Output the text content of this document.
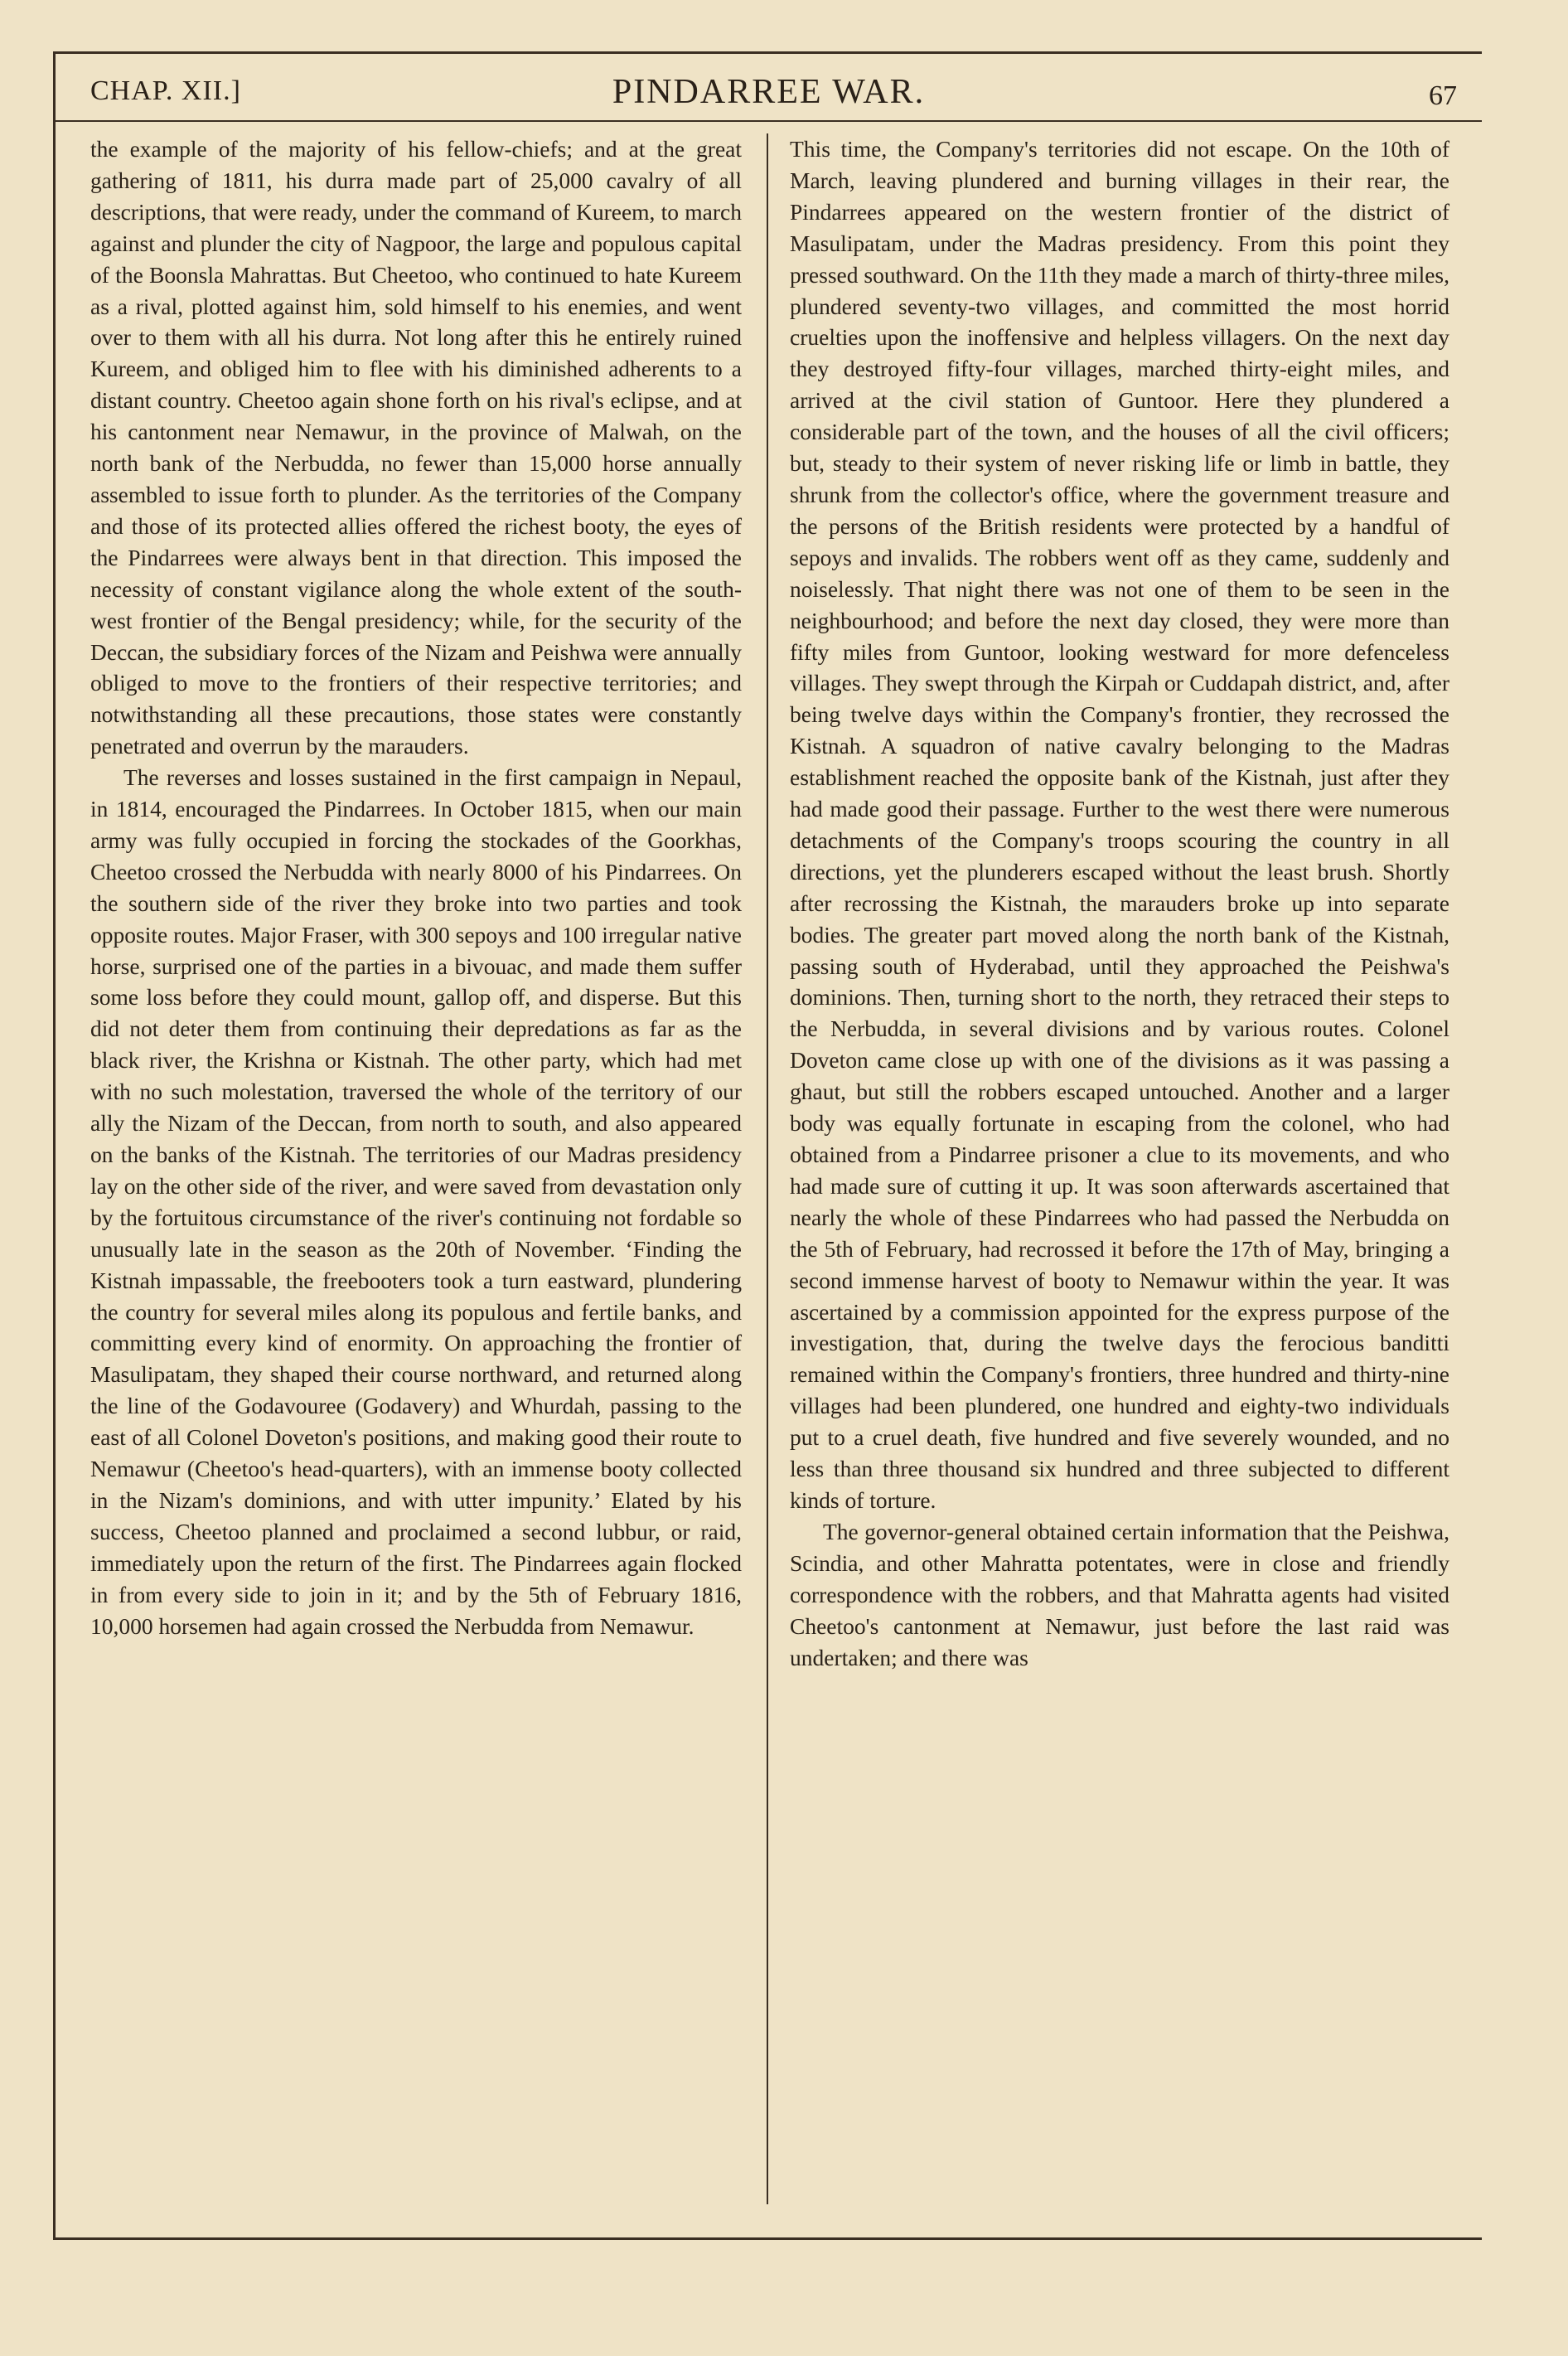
CHAP. XII.]	PINDARREE WAR.	67

the example of the majority of his fellow-chiefs; and at the great gathering of 1811, his durra made part of 25,000 cavalry of all descriptions, that were ready, under the command of Kureem, to march against and plunder the city of Nagpoor, the large and populous capital of the Boonsla Mahrattas. But Cheetoo, who continued to hate Kureem as a rival, plotted against him, sold himself to his enemies, and went over to them with all his durra. Not long after this he entirely ruined Kureem, and obliged him to flee with his diminished adherents to a distant country. Cheetoo again shone forth on his rival's eclipse, and at his cantonment near Nemawur, in the province of Malwah, on the north bank of the Nerbudda, no fewer than 15,000 horse annually assembled to issue forth to plunder. As the territories of the Company and those of its protected allies offered the richest booty, the eyes of the Pindarrees were always bent in that direction. This imposed the necessity of constant vigilance along the whole extent of the south-west frontier of the Bengal presidency; while, for the security of the Deccan, the subsidiary forces of the Nizam and Peishwa were annually obliged to move to the frontiers of their respective territories; and notwithstanding all these precautions, those states were constantly penetrated and overrun by the marauders.

The reverses and losses sustained in the first campaign in Nepaul, in 1814, encouraged the Pindarrees. In October 1815, when our main army was fully occupied in forcing the stockades of the Goorkhas, Cheetoo crossed the Nerbudda with nearly 8000 of his Pindarrees. On the southern side of the river they broke into two parties and took opposite routes. Major Fraser, with 300 sepoys and 100 irregular native horse, surprised one of the parties in a bivouac, and made them suffer some loss before they could mount, gallop off, and disperse. But this did not deter them from continuing their depredations as far as the black river, the Krishna or Kistnah. The other party, which had met with no such molestation, traversed the whole of the territory of our ally the Nizam of the Deccan, from north to south, and also appeared on the banks of the Kistnah. The territories of our Madras presidency lay on the other side of the river, and were saved from devastation only by the fortuitous circumstance of the river's continuing not fordable so unusually late in the season as the 20th of November. ‘Finding the Kistnah impassable, the freebooters took a turn eastward, plundering the country for several miles along its populous and fertile banks, and committing every kind of enormity. On approaching the frontier of Masulipatam, they shaped their course northward, and returned along the line of the Godavouree (Godavery) and Whurdah, passing to the east of all Colonel Doveton's positions, and making good their route to Nemawur (Cheetoo's head-quarters), with an immense booty collected in the Nizam's dominions, and with utter impunity.’ Elated by his success, Cheetoo planned and proclaimed a second lubbur, or raid, immediately upon the return of the first. The Pindarrees again flocked in from every side to join in it; and by the 5th of February 1816, 10,000 horsemen had again crossed the Nerbudda from Nemawur.

This time, the Company's territories did not escape. On the 10th of March, leaving plundered and burning villages in their rear, the Pindarrees appeared on the western frontier of the district of Masulipatam, under the Madras presidency. From this point they pressed southward. On the 11th they made a march of thirty-three miles, plundered seventy-two villages, and committed the most horrid cruelties upon the inoffensive and helpless villagers. On the next day they destroyed fifty-four villages, marched thirty-eight miles, and arrived at the civil station of Guntoor. Here they plundered a considerable part of the town, and the houses of all the civil officers; but, steady to their system of never risking life or limb in battle, they shrunk from the collector's office, where the government treasure and the persons of the British residents were protected by a handful of sepoys and invalids. The robbers went off as they came, suddenly and noiselessly. That night there was not one of them to be seen in the neighbourhood; and before the next day closed, they were more than fifty miles from Guntoor, looking westward for more defenceless villages. They swept through the Kirpah or Cuddapah district, and, after being twelve days within the Company's frontier, they recrossed the Kistnah. A squadron of native cavalry belonging to the Madras establishment reached the opposite bank of the Kistnah, just after they had made good their passage. Further to the west there were numerous detachments of the Company's troops scouring the country in all directions, yet the plunderers escaped without the least brush. Shortly after recrossing the Kistnah, the marauders broke up into separate bodies. The greater part moved along the north bank of the Kistnah, passing south of Hyderabad, until they approached the Peishwa's dominions. Then, turning short to the north, they retraced their steps to the Nerbudda, in several divisions and by various routes. Colonel Doveton came close up with one of the divisions as it was passing a ghaut, but still the robbers escaped untouched. Another and a larger body was equally fortunate in escaping from the colonel, who had obtained from a Pindarree prisoner a clue to its movements, and who had made sure of cutting it up. It was soon afterwards ascertained that nearly the whole of these Pindarrees who had passed the Nerbudda on the 5th of February, had recrossed it before the 17th of May, bringing a second immense harvest of booty to Nemawur within the year. It was ascertained by a commission appointed for the express purpose of the investigation, that, during the twelve days the ferocious banditti remained within the Company's frontiers, three hundred and thirty-nine villages had been plundered, one hundred and eighty-two individuals put to a cruel death, five hundred and five severely wounded, and no less than three thousand six hundred and three subjected to different kinds of torture.

The governor-general obtained certain information that the Peishwa, Scindia, and other Mahratta potentates, were in close and friendly correspondence with the robbers, and that Mahratta agents had visited Cheetoo's cantonment at Nemawur, just before the last raid was undertaken; and there was
